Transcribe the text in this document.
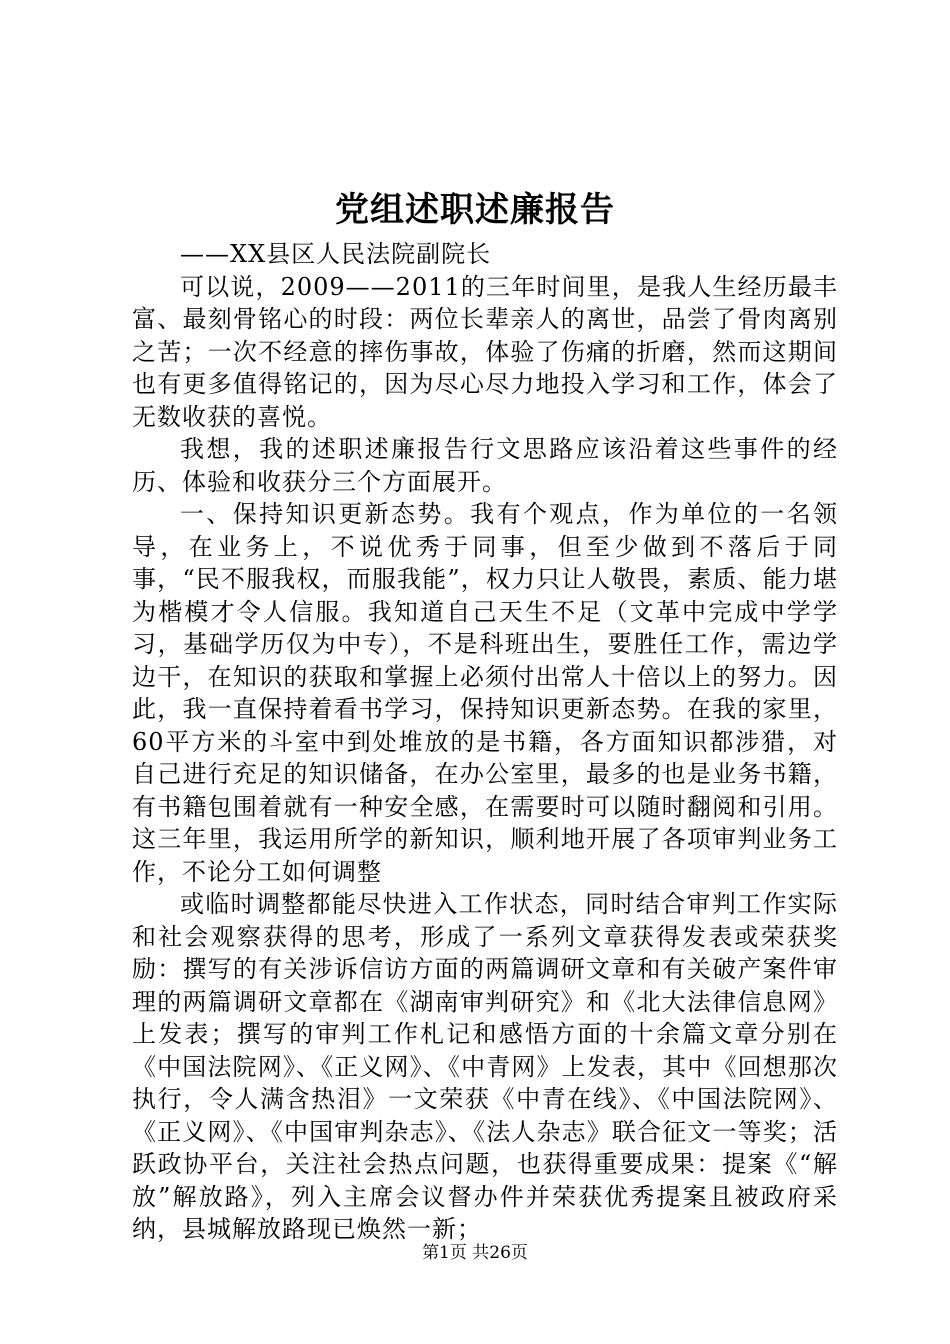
党组述职述廉报告

——XX县区人民法院副院长

可以说，2009——2011的三年时间里，是我人生经历最丰富、最刻骨铭心的时段：两位长辈亲人的离世，品尝了骨肉离别之苦；一次不经意的摔伤事故，体验了伤痛的折磨，然而这期间也有更多值得铭记的，因为尽心尽力地投入学习和工作，体会了无数收获的喜悦。

我想，我的述职述廉报告行文思路应该沿着这些事件的经历、体验和收获分三个方面展开。

一、保持知识更新态势。我有个观点，作为单位的一名领导，在业务上，不说优秀于同事，但至少做到不落后于同事，“民不服我权，而服我能”，权力只让人敬畏，素质、能力堪为楷模才令人信服。我知道自己天生不足（文革中完成中学学习，基础学历仅为中专），不是科班出生，要胜任工作，需边学边干，在知识的获取和掌握上必须付出常人十倍以上的努力。因此，我一直保持着看书学习，保持知识更新态势。在我的家里，60平方米的斗室中到处堆放的是书籍，各方面知识都涉猎，对自己进行充足的知识储备，在办公室里，最多的也是业务书籍，有书籍包围着就有一种安全感，在需要时可以随时翻阅和引用。这三年里，我运用所学的新知识，顺利地开展了各项审判业务工作，不论分工如何调整

或临时调整都能尽快进入工作状态，同时结合审判工作实际和社会观察获得的思考，形成了一系列文章获得发表或荣获奖励：撰写的有关涉诉信访方面的两篇调研文章和有关破产案件审理的两篇调研文章都在《湖南审判研究》和《北大法律信息网》上发表；撰写的审判工作札记和感悟方面的十余篇文章分别在《中国法院网》、《正义网》、《中青网》上发表，其中《回想那次执行，令人满含热泪》一文荣获《中青在线》、《中国法院网》、《正义网》、《中国审判杂志》、《法人杂志》联合征文一等奖；活跃政协平台，关注社会热点问题，也获得重要成果：提案《“解放”解放路》，列入主席会议督办件并荣获优秀提案且被政府采纳，县城解放路现已焕然一新；

第1页 共26页
